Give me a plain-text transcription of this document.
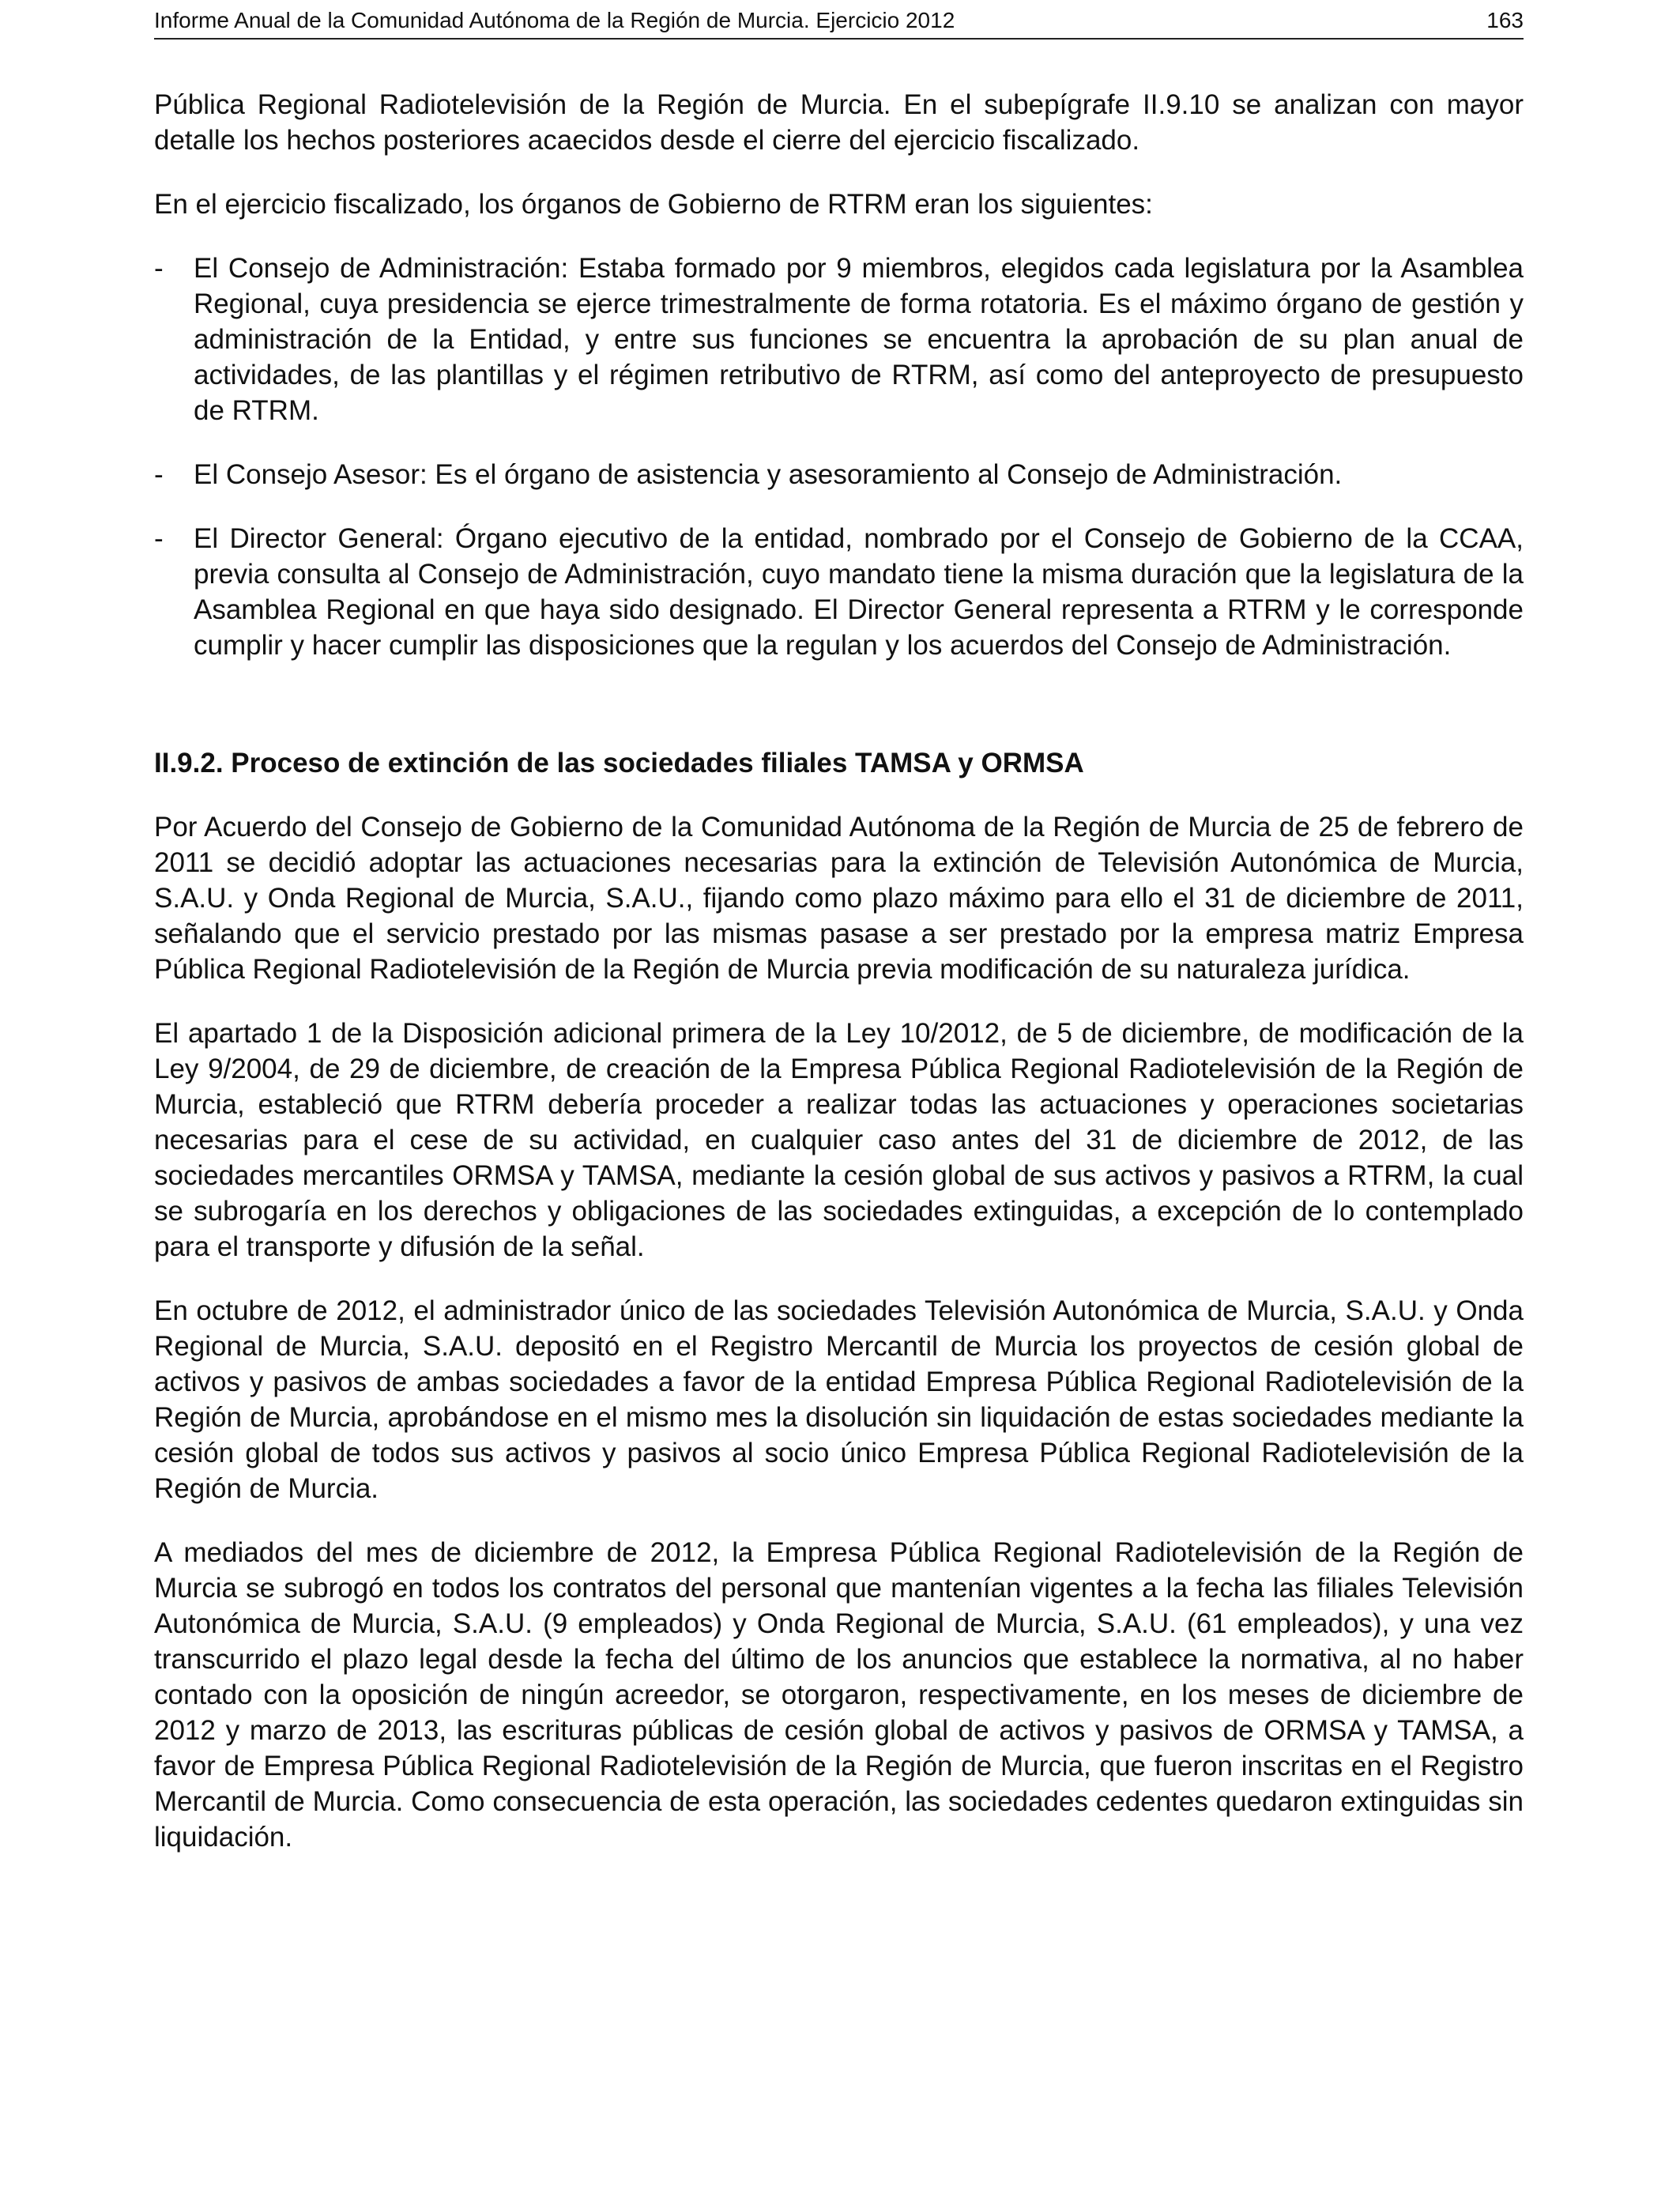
Informe Anual de la Comunidad Autónoma de la Región de Murcia. Ejercicio 2012	163

Pública Regional Radiotelevisión de la Región de Murcia. En el subepígrafe II.9.10 se analizan con mayor detalle los hechos posteriores acaecidos desde el cierre del ejercicio fiscalizado.

En el ejercicio fiscalizado, los órganos de Gobierno de RTRM eran los siguientes:

- El Consejo de Administración: Estaba formado por 9 miembros, elegidos cada legislatura por la Asamblea Regional, cuya presidencia se ejerce trimestralmente de forma rotatoria. Es el máximo órgano de gestión y administración de la Entidad, y entre sus funciones se encuentra la aprobación de su plan anual de actividades, de las plantillas y el régimen retributivo de RTRM, así como del anteproyecto de presupuesto de RTRM.
- El Consejo Asesor: Es el órgano de asistencia y asesoramiento al Consejo de Administración.
- El Director General: Órgano ejecutivo de la entidad, nombrado por el Consejo de Gobierno de la CCAA, previa consulta al Consejo de Administración, cuyo mandato tiene la misma duración que la legislatura de la Asamblea Regional en que haya sido designado. El Director General representa a RTRM y le corresponde cumplir y hacer cumplir las disposiciones que la regulan y los acuerdos del Consejo de Administración.
II.9.2. Proceso de extinción de las sociedades filiales TAMSA y ORMSA

Por Acuerdo del Consejo de Gobierno de la Comunidad Autónoma de la Región de Murcia de 25 de febrero de 2011 se decidió adoptar las actuaciones necesarias para la extinción de Televisión Autonómica de Murcia, S.A.U. y Onda Regional de Murcia, S.A.U., fijando como plazo máximo para ello el 31 de diciembre de 2011, señalando que el servicio prestado por las mismas pasase a ser prestado por la empresa matriz Empresa Pública Regional Radiotelevisión de la Región de Murcia previa modificación de su naturaleza jurídica.

El apartado 1 de la Disposición adicional primera de la Ley 10/2012, de 5 de diciembre, de modificación de la Ley 9/2004, de 29 de diciembre, de creación de la Empresa Pública Regional Radiotelevisión de la Región de Murcia, estableció que RTRM debería proceder a realizar todas las actuaciones y operaciones societarias necesarias para el cese de su actividad, en cualquier caso antes del 31 de diciembre de 2012, de las sociedades mercantiles ORMSA y TAMSA, mediante la cesión global de sus activos y pasivos a RTRM, la cual se subrogaría en los derechos y obligaciones de las sociedades extinguidas, a excepción de lo contemplado para el transporte y difusión de la señal.

En octubre de 2012, el administrador único de las sociedades Televisión Autonómica de Murcia, S.A.U. y Onda Regional de Murcia, S.A.U. depositó en el Registro Mercantil de Murcia los proyectos de cesión global de activos y pasivos de ambas sociedades a favor de la entidad Empresa Pública Regional Radiotelevisión de la Región de Murcia, aprobándose en el mismo mes la disolución sin liquidación de estas sociedades mediante la cesión global de todos sus activos y pasivos al socio único Empresa Pública Regional Radiotelevisión de la Región de Murcia.

A mediados del mes de diciembre de 2012, la Empresa Pública Regional Radiotelevisión de la Región de Murcia se subrogó en todos los contratos del personal que mantenían vigentes a la fecha las filiales Televisión Autonómica de Murcia, S.A.U. (9 empleados) y Onda Regional de Murcia, S.A.U. (61 empleados), y una vez transcurrido el plazo legal desde la fecha del último de los anuncios que establece la normativa, al no haber contado con la oposición de ningún acreedor, se otorgaron, respectivamente, en los meses de diciembre de 2012 y marzo de 2013, las escrituras públicas de cesión global de activos y pasivos de ORMSA y TAMSA, a favor de Empresa Pública Regional Radiotelevisión de la Región de Murcia, que fueron inscritas en el Registro Mercantil de Murcia. Como consecuencia de esta operación, las sociedades cedentes quedaron extinguidas sin liquidación.
